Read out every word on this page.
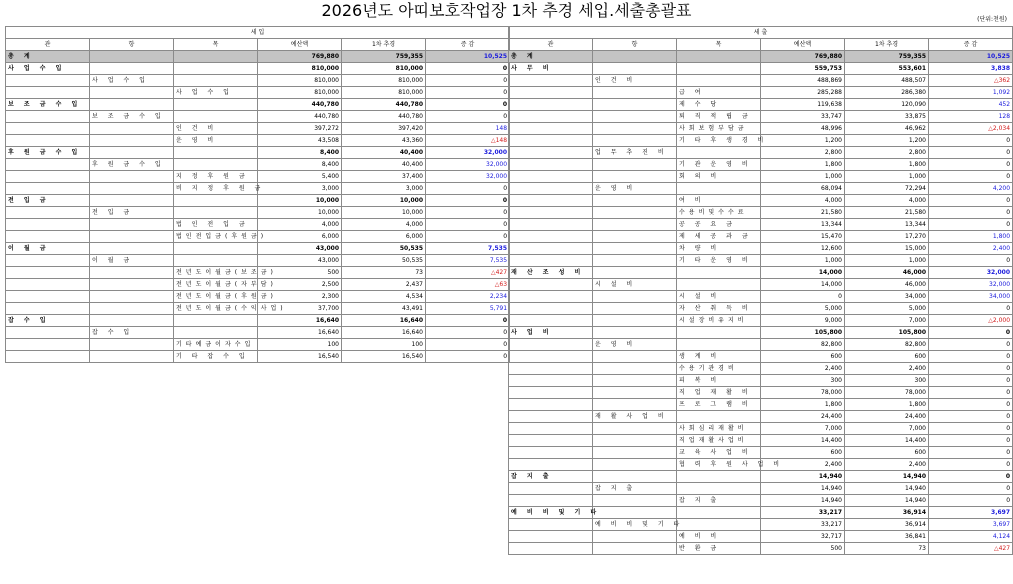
2026년도 아띠보호작업장 1차 추경 세입.세출총괄표	(단위:천원)
세 입					
관	항	목	예산액	1차 추경	증 감
총 계			769,880	759,355	10,525
사 업 수 입			810,000	810,000	0
	사 업 수 입		810,000	810,000	0
		사 업 수 입	810,000	810,000	0
보 조 금 수 입			440,780	440,780	0
	보 조 금 수 입		440,780	440,780	0
		인 건 비	397,272	397,420	148
		운 영 비	43,508	43,360	△148
후 원 금 수 입			8,400	40,400	32,000
	후 원 금 수 입		8,400	40,400	32,000
		지 정 후 원 금	5,400	37,400	32,000
		비 지 정 후 원 금	3,000	3,000	0
전 입 금			10,000	10,000	0
	전 입 금		10,000	10,000	0
		법 인 전 입 금	4,000	4,000	0
		법인전입금(후원금)	6,000	6,000	0
이 월 금			43,000	50,535	7,535
	이 월 금		43,000	50,535	7,535
		전년도이월금(보조금)	500	73	△427
		전년도이월금(자부담)	2,500	2,437	△63
		전년도이월금(후원금)	2,300	4,534	2,234
		전년도이월금(수익사업)	37,700	43,491	5,791
잡 수 입			16,640	16,640	0
	잡 수 입		16,640	16,640	0
		기타예금이자수입	100	100	0
		기 타 잡 수 입	16,540	16,540	0
세 출					
관	항	목	예산액	1차 추경	증 감
총 계			769,880	759,355	10,525
사 무 비			559,753	553,601	3,838
	인 건 비		488,869	488,507	△362
		급 여	285,288	286,380	1,092
		제 수 당	119,638	120,090	452
		퇴 직 적 립 금	33,747	33,875	128
		사회보험부담금	48,996	46,962	△2,034
		기 타 후 생 경 비	1,200	1,200	0
	업 무 추 진 비		2,800	2,800	0
		기 관 운 영 비	1,800	1,800	0
		회 의 비	1,000	1,000	0
	운 영 비		68,094	72,294	4,200
		여 비	4,000	4,000	0
		수용비및수수료	21,580	21,580	0
		공 공 요 금	13,344	13,344	0
		제 세 공 과 금	15,470	17,270	1,800
		차 량 비	12,600	15,000	2,400
		기 타 운 영 비	1,000	1,000	0
재 산 조 성 비			14,000	46,000	32,000
	시 설 비		14,000	46,000	32,000
		시 설 비	0	34,000	34,000
		자 산 취 득 비	5,000	5,000	0
		시설장비유지비	9,000	7,000	△2,000
사 업 비			105,800	105,800	0
	운 영 비		82,800	82,800	0
		생 계 비	600	600	0
		수용기관경비	2,400	2,400	0
		피 복 비	300	300	0
		직 업 재 활 비	78,000	78,000	0
		프 로 그 램 비	1,800	1,800	0
	재 활 사 업 비		24,400	24,400	0
		사회심리재활비	7,000	7,000	0
		직업재활사업비	14,400	14,400	0
		교 육 사 업 비	600	600	0
		협 력 후 원 사 업 비	2,400	2,400	0
잡 지 출			14,940	14,940	0
	잡 지 출		14,940	14,940	0
		잡 지 출	14,940	14,940	0
예 비 비 및 기 타			33,217	36,914	3,697
	예 비 비 및 기 타		33,217	36,914	3,697
		예 비 비	32,717	36,841	4,124
		반 환 금	500	73	△427
